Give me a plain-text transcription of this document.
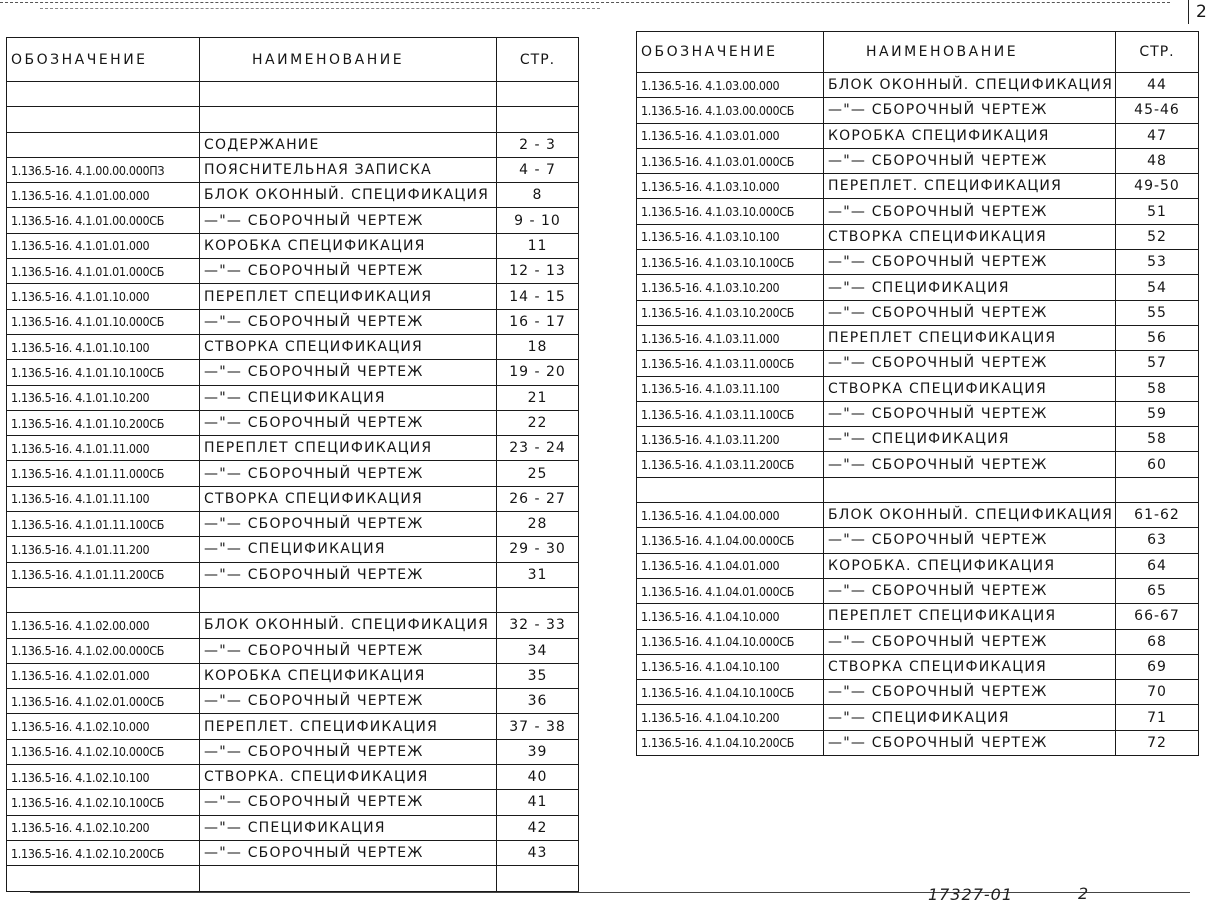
2
ОБОЗНАЧЕНИЕ	НАИМЕНОВАНИЕ	СТР.

	СОДЕРЖАНИЕ	2 - 3
1.136.5-16. 4.1.00.00.000ПЗ	ПОЯСНИТЕЛЬНАЯ ЗАПИСКА	4 - 7
1.136.5-16. 4.1.01.00.000	БЛОК ОКОННЫЙ. СПЕЦИФИКАЦИЯ	8
1.136.5-16. 4.1.01.00.000СБ	—"— СБОРОЧНЫЙ ЧЕРТЕЖ	9 - 10
1.136.5-16. 4.1.01.01.000	КОРОБКА СПЕЦИФИКАЦИЯ	11
1.136.5-16. 4.1.01.01.000СБ	—"— СБОРОЧНЫЙ ЧЕРТЕЖ	12 - 13
1.136.5-16. 4.1.01.10.000	ПЕРЕПЛЕТ СПЕЦИФИКАЦИЯ	14 - 15
1.136.5-16. 4.1.01.10.000СБ	—"— СБОРОЧНЫЙ ЧЕРТЕЖ	16 - 17
1.136.5-16. 4.1.01.10.100	СТВОРКА СПЕЦИФИКАЦИЯ	18
1.136.5-16. 4.1.01.10.100СБ	—"— СБОРОЧНЫЙ ЧЕРТЕЖ	19 - 20
1.136.5-16. 4.1.01.10.200	—"— СПЕЦИФИКАЦИЯ	21
1.136.5-16. 4.1.01.10.200СБ	—"— СБОРОЧНЫЙ ЧЕРТЕЖ	22
1.136.5-16. 4.1.01.11.000	ПЕРЕПЛЕТ СПЕЦИФИКАЦИЯ	23 - 24
1.136.5-16. 4.1.01.11.000СБ	—"— СБОРОЧНЫЙ ЧЕРТЕЖ	25
1.136.5-16. 4.1.01.11.100	СТВОРКА СПЕЦИФИКАЦИЯ	26 - 27
1.136.5-16. 4.1.01.11.100СБ	—"— СБОРОЧНЫЙ ЧЕРТЕЖ	28
1.136.5-16. 4.1.01.11.200	—"— СПЕЦИФИКАЦИЯ	29 - 30
1.136.5-16. 4.1.01.11.200СБ	—"— СБОРОЧНЫЙ ЧЕРТЕЖ	31

1.136.5-16. 4.1.02.00.000	БЛОК ОКОННЫЙ. СПЕЦИФИКАЦИЯ	32 - 33
1.136.5-16. 4.1.02.00.000СБ	—"— СБОРОЧНЫЙ ЧЕРТЕЖ	34
1.136.5-16. 4.1.02.01.000	КОРОБКА СПЕЦИФИКАЦИЯ	35
1.136.5-16. 4.1.02.01.000СБ	—"— СБОРОЧНЫЙ ЧЕРТЕЖ	36
1.136.5-16. 4.1.02.10.000	ПЕРЕПЛЕТ. СПЕЦИФИКАЦИЯ	37 - 38
1.136.5-16. 4.1.02.10.000СБ	—"— СБОРОЧНЫЙ ЧЕРТЕЖ	39
1.136.5-16. 4.1.02.10.100	СТВОРКА. СПЕЦИФИКАЦИЯ	40
1.136.5-16. 4.1.02.10.100СБ	—"— СБОРОЧНЫЙ ЧЕРТЕЖ	41
1.136.5-16. 4.1.02.10.200	—"— СПЕЦИФИКАЦИЯ	42
1.136.5-16. 4.1.02.10.200СБ	—"— СБОРОЧНЫЙ ЧЕРТЕЖ	43

ОБОЗНАЧЕНИЕ	НАИМЕНОВАНИЕ	СТР.
1.136.5-16. 4.1.03.00.000	БЛОК ОКОННЫЙ. СПЕЦИФИКАЦИЯ	44
1.136.5-16. 4.1.03.00.000СБ	—"— СБОРОЧНЫЙ ЧЕРТЕЖ	45-46
1.136.5-16. 4.1.03.01.000	КОРОБКА СПЕЦИФИКАЦИЯ	47
1.136.5-16. 4.1.03.01.000СБ	—"— СБОРОЧНЫЙ ЧЕРТЕЖ	48
1.136.5-16. 4.1.03.10.000	ПЕРЕПЛЕТ. СПЕЦИФИКАЦИЯ	49-50
1.136.5-16. 4.1.03.10.000СБ	—"— СБОРОЧНЫЙ ЧЕРТЕЖ	51
1.136.5-16. 4.1.03.10.100	СТВОРКА СПЕЦИФИКАЦИЯ	52
1.136.5-16. 4.1.03.10.100СБ	—"— СБОРОЧНЫЙ ЧЕРТЕЖ	53
1.136.5-16. 4.1.03.10.200	—"— СПЕЦИФИКАЦИЯ	54
1.136.5-16. 4.1.03.10.200СБ	—"— СБОРОЧНЫЙ ЧЕРТЕЖ	55
1.136.5-16. 4.1.03.11.000	ПЕРЕПЛЕТ СПЕЦИФИКАЦИЯ	56
1.136.5-16. 4.1.03.11.000СБ	—"— СБОРОЧНЫЙ ЧЕРТЕЖ	57
1.136.5-16. 4.1.03.11.100	СТВОРКА СПЕЦИФИКАЦИЯ	58
1.136.5-16. 4.1.03.11.100СБ	—"— СБОРОЧНЫЙ ЧЕРТЕЖ	59
1.136.5-16. 4.1.03.11.200	—"— СПЕЦИФИКАЦИЯ	58
1.136.5-16. 4.1.03.11.200СБ	—"— СБОРОЧНЫЙ ЧЕРТЕЖ	60

1.136.5-16. 4.1.04.00.000	БЛОК ОКОННЫЙ. СПЕЦИФИКАЦИЯ	61-62
1.136.5-16. 4.1.04.00.000СБ	—"— СБОРОЧНЫЙ ЧЕРТЕЖ	63
1.136.5-16. 4.1.04.01.000	КОРОБКА. СПЕЦИФИКАЦИЯ	64
1.136.5-16. 4.1.04.01.000СБ	—"— СБОРОЧНЫЙ ЧЕРТЕЖ	65
1.136.5-16. 4.1.04.10.000	ПЕРЕПЛЕТ СПЕЦИФИКАЦИЯ	66-67
1.136.5-16. 4.1.04.10.000СБ	—"— СБОРОЧНЫЙ ЧЕРТЕЖ	68
1.136.5-16. 4.1.04.10.100	СТВОРКА СПЕЦИФИКАЦИЯ	69
1.136.5-16. 4.1.04.10.100СБ	—"— СБОРОЧНЫЙ ЧЕРТЕЖ	70
1.136.5-16. 4.1.04.10.200	—"— СПЕЦИФИКАЦИЯ	71
1.136.5-16. 4.1.04.10.200СБ	—"— СБОРОЧНЫЙ ЧЕРТЕЖ	72
17327-01	2
